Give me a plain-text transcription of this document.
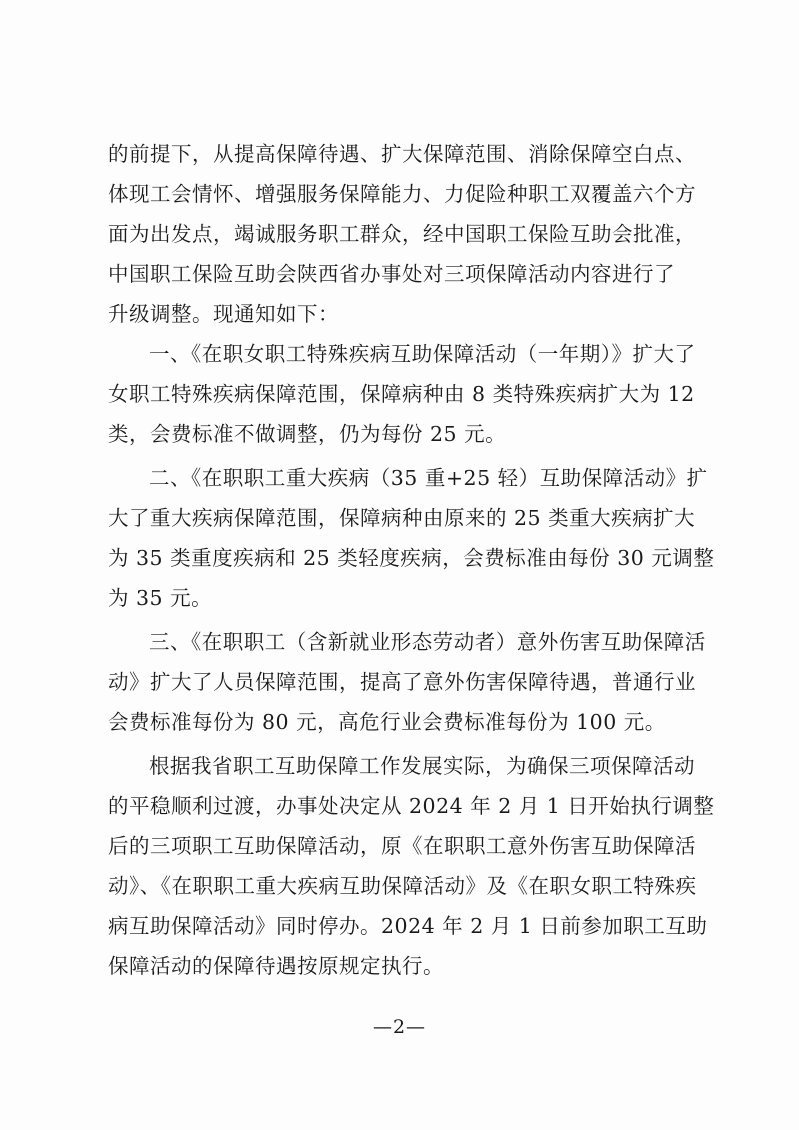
的前提下，从提高保障待遇、扩大保障范围、消除保障空白点、
体现工会情怀、增强服务保障能力、力促险种职工双覆盖六个方
面为出发点，竭诚服务职工群众，经中国职工保险互助会批准，
中国职工保险互助会陕西省办事处对三项保障活动内容进行了
升级调整。现通知如下：

一、《在职女职工特殊疾病互助保障活动（一年期）》扩大了

女职工特殊疾病保障范围，保障病种由 8 类特殊疾病扩大为 12
类，会费标准不做调整，仍为每份 25 元。

二、《在职职工重大疾病（35 重+25 轻）互助保障活动》扩

大了重大疾病保障范围，保障病种由原来的 25 类重大疾病扩大
为 35 类重度疾病和 25 类轻度疾病，会费标准由每份 30 元调整
为 35 元。

三、《在职职工（含新就业形态劳动者）意外伤害互助保障活

动》扩大了人员保障范围，提高了意外伤害保障待遇，普通行业
会费标准每份为 80 元，高危行业会费标准每份为 100 元。

根据我省职工互助保障工作发展实际，为确保三项保障活动

的平稳顺利过渡，办事处决定从 2024 年 2 月 1 日开始执行调整
后的三项职工互助保障活动，原《在职职工意外伤害互助保障活
动》、《在职职工重大疾病互助保障活动》及《在职女职工特殊疾
病互助保障活动》同时停办。2024 年 2 月 1 日前参加职工互助
保障活动的保障待遇按原规定执行。

—2—
